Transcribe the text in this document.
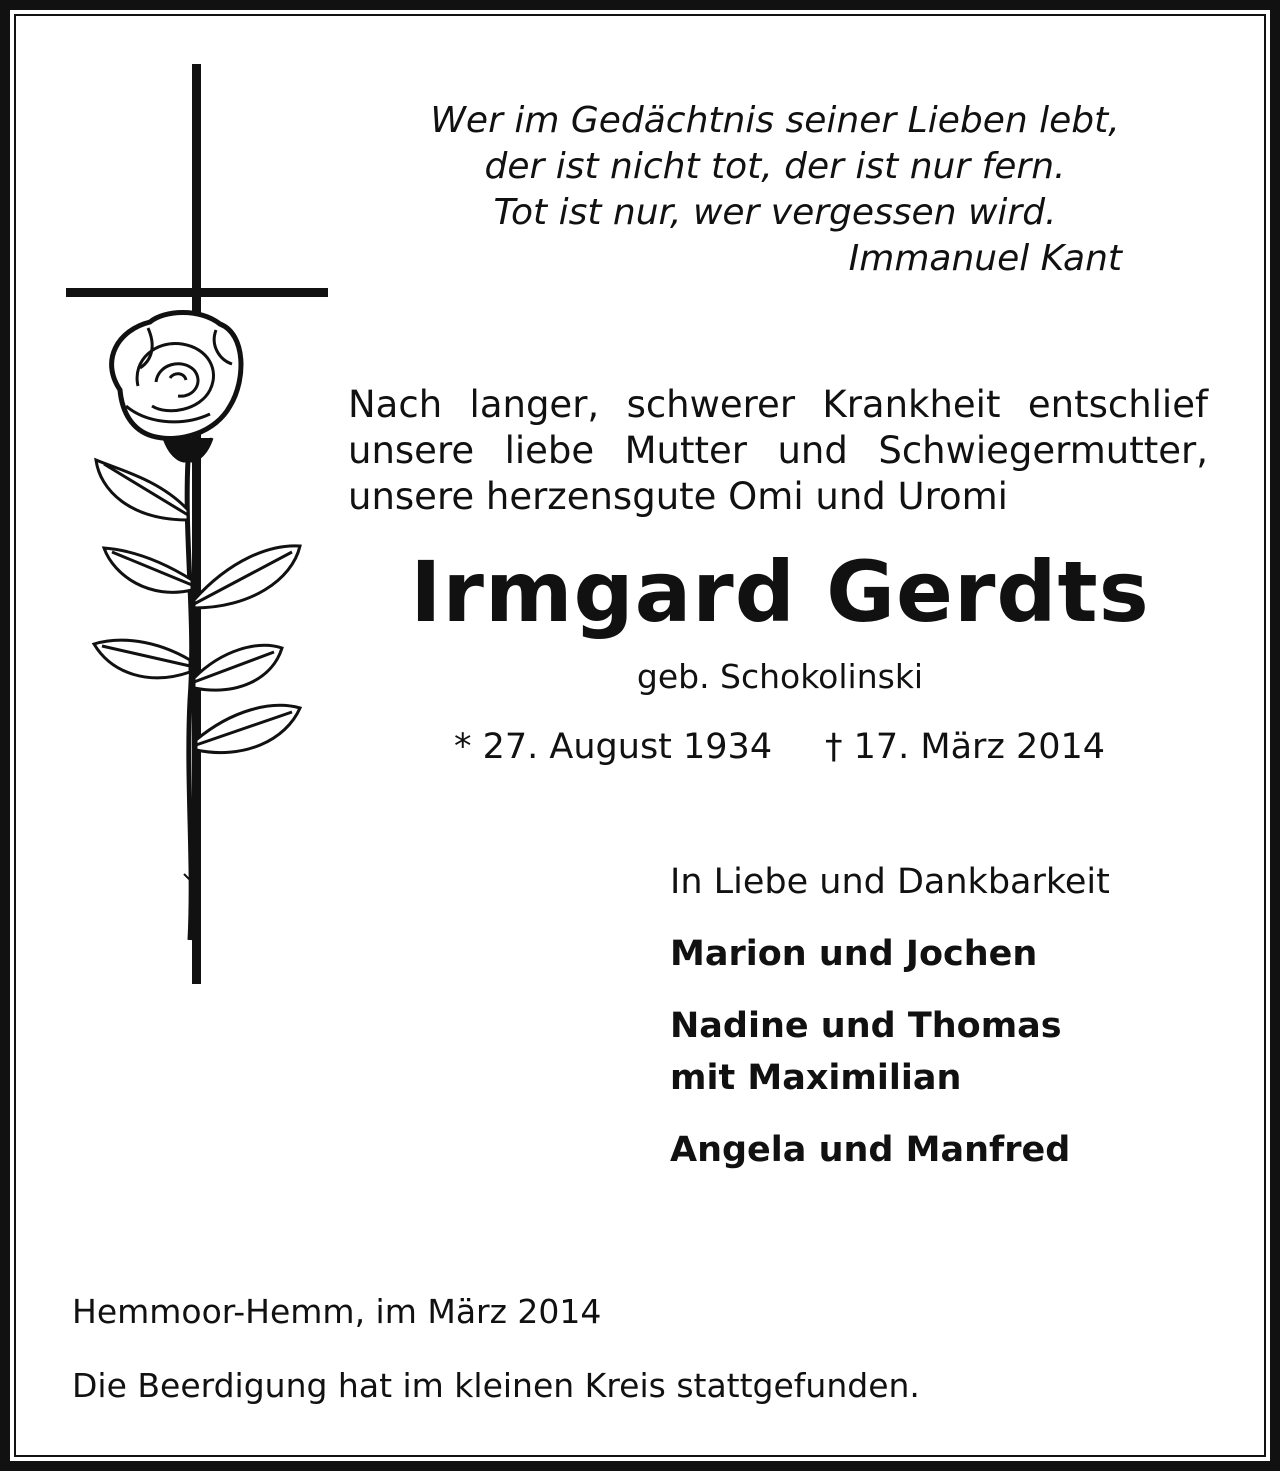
Wer im Gedächtnis seiner Lieben lebt,
der ist nicht tot, der ist nur fern.
Tot ist nur, wer vergessen wird.
Immanuel Kant
Nach langer, schwerer Krankheit entschlief
unsere liebe Mutter und Schwiegermutter,
unsere herzensgute Omi und Uromi
Irmgard Gerdts
geb. Schokolinski
* 27. August 1934 † 17. März 2014
In Liebe und Dankbarkeit
Marion und Jochen
Nadine und Thomas
mit Maximilian
Angela und Manfred
Hemmoor-Hemm, im März 2014
Die Beerdigung hat im kleinen Kreis stattgefunden.
